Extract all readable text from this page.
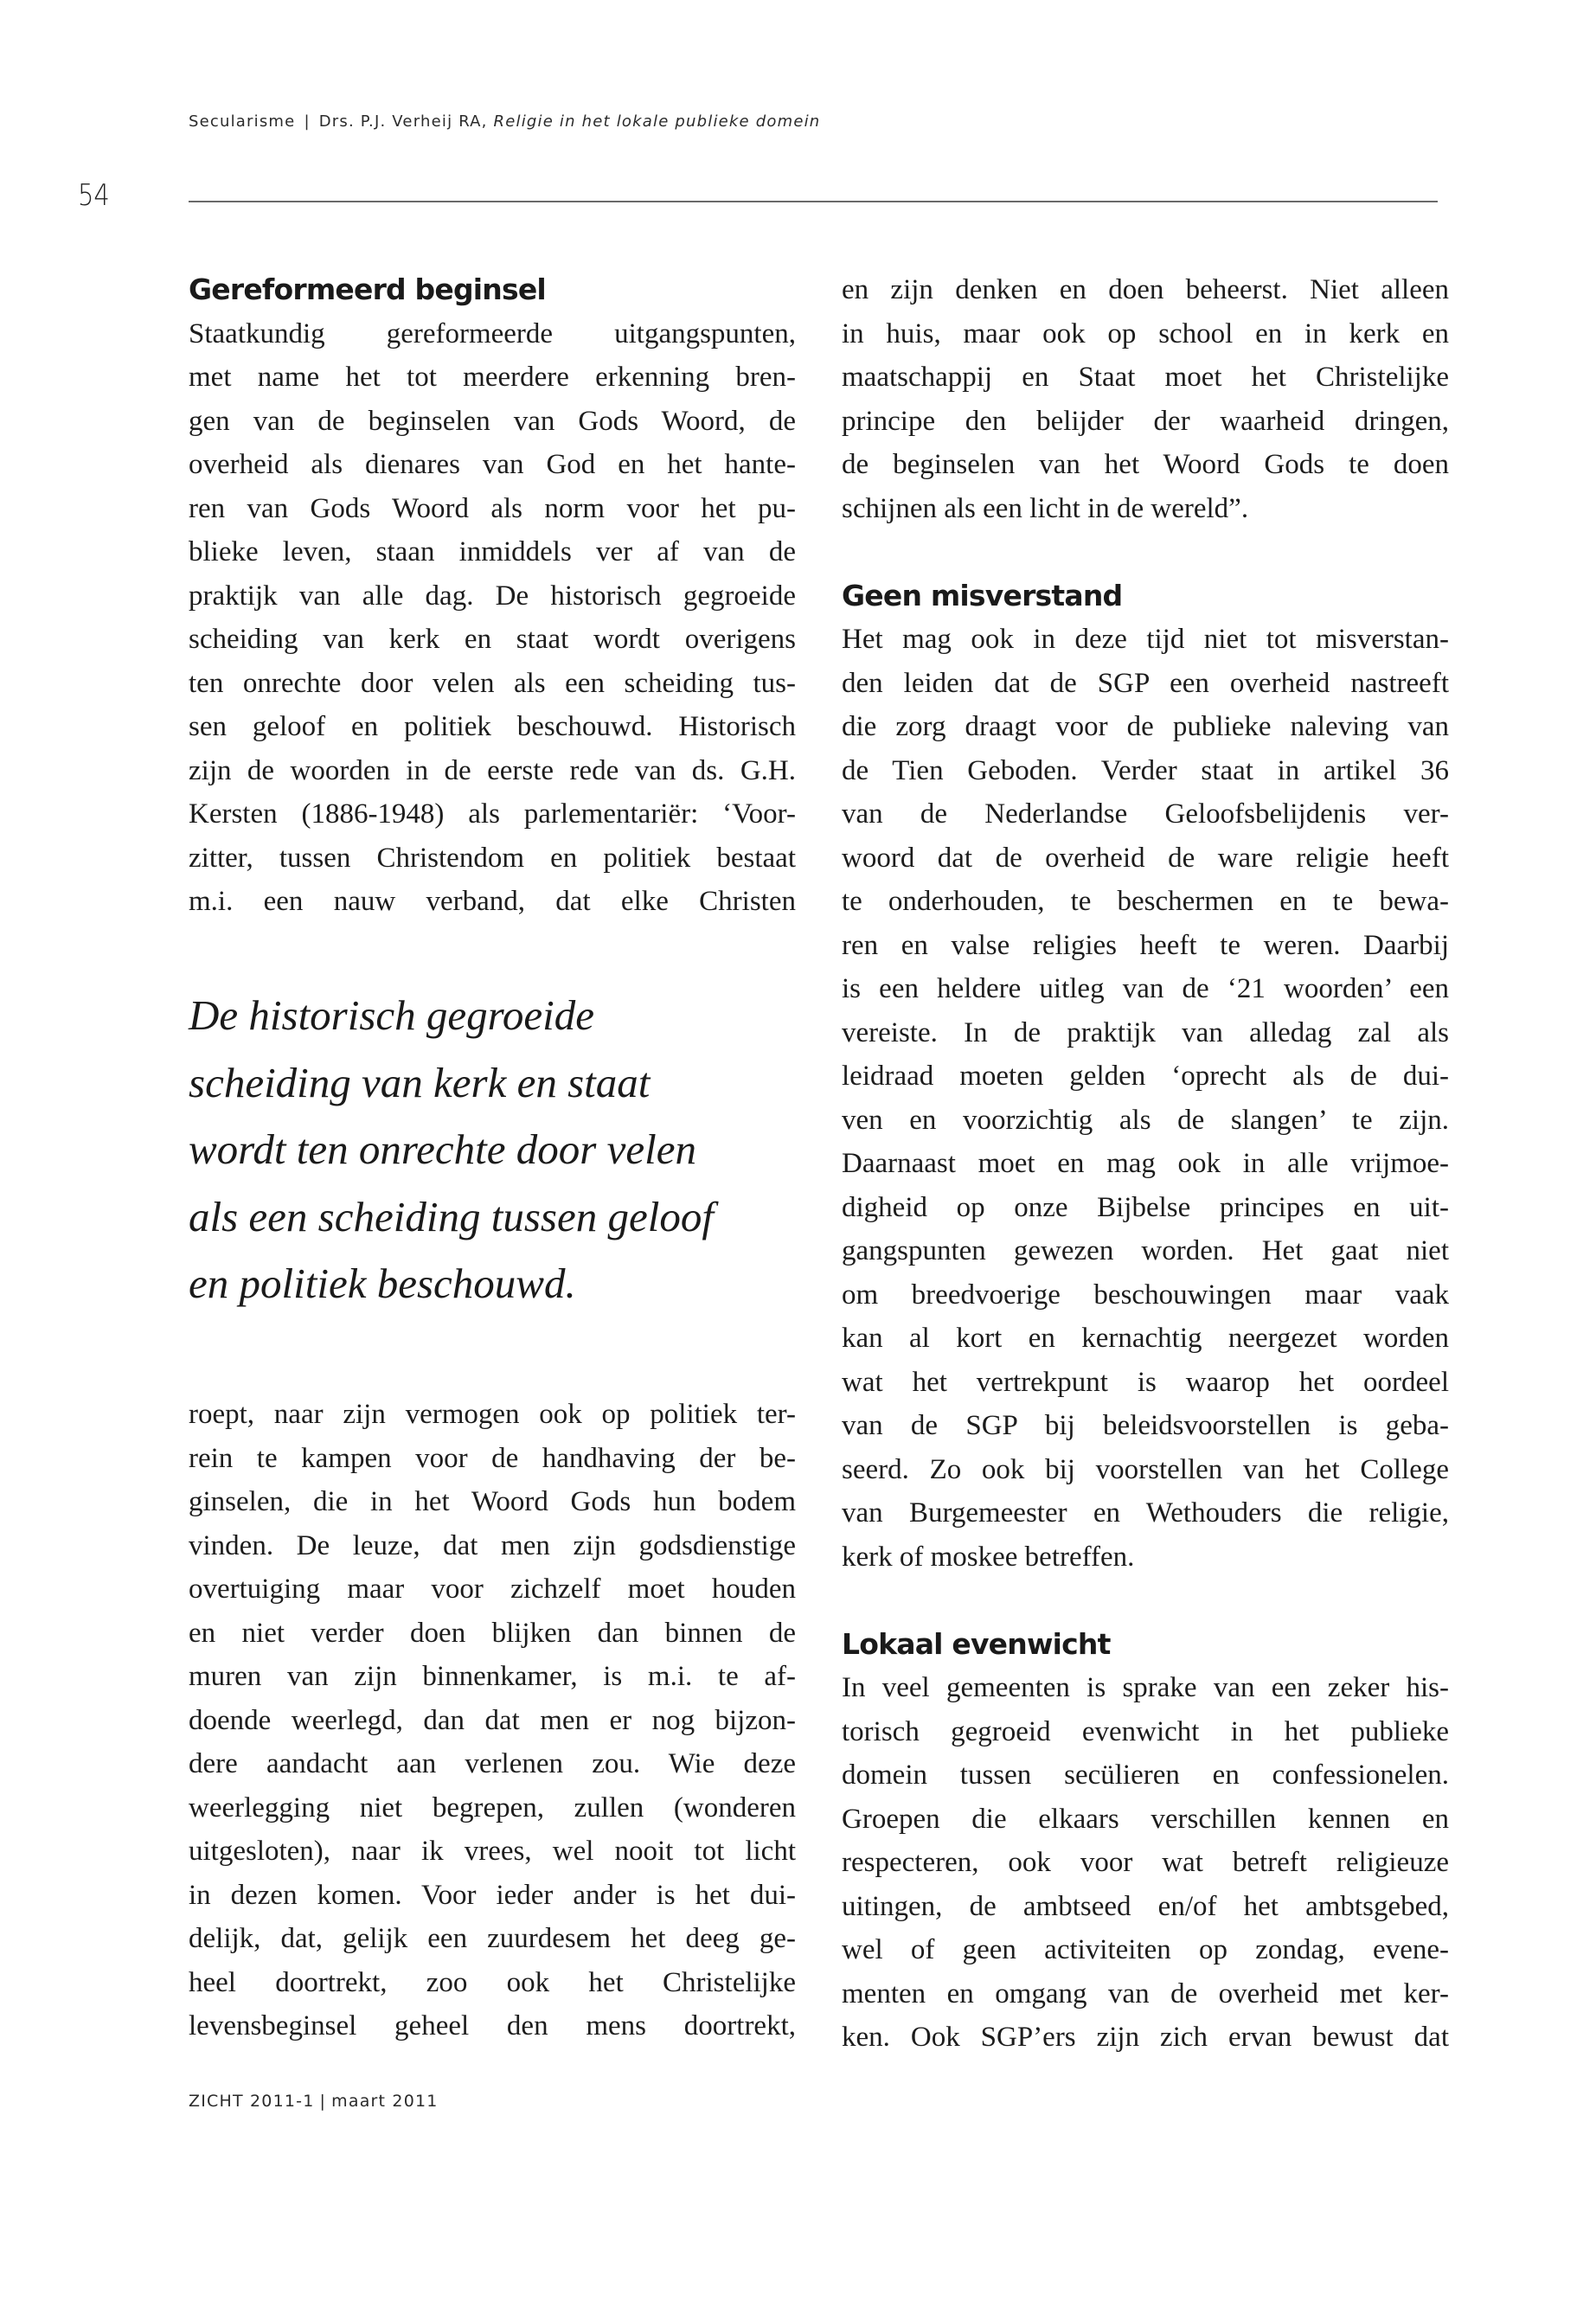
Secularisme | Drs. P.J. Verheij RA, Religie in het lokale publieke domein
54
Gereformeerd beginsel
Staatkundig gereformeerde uitgangspunten,
met name het tot meerdere erkenning bren-
gen van de beginselen van Gods Woord, de
overheid als dienares van God en het hante-
ren van Gods Woord als norm voor het pu-
blieke leven, staan inmiddels ver af van de
praktijk van alle dag. De historisch gegroeide
scheiding van kerk en staat wordt overigens
ten onrechte door velen als een scheiding tus-
sen geloof en politiek beschouwd. Historisch
zijn de woorden in de eerste rede van ds. G.H.
Kersten (1886-1948) als parlementariër: ‘Voor-
zitter, tussen Christendom en politiek bestaat
m.i. een nauw verband, dat elke Christen
De historisch gegroeide
scheiding van kerk en staat
wordt ten onrechte door velen
als een scheiding tussen geloof
en politiek beschouwd.
roept, naar zijn vermogen ook op politiek ter-
rein te kampen voor de handhaving der be-
ginselen, die in het Woord Gods hun bodem
vinden. De leuze, dat men zijn godsdienstige
overtuiging maar voor zichzelf moet houden
en niet verder doen blijken dan binnen de
muren van zijn binnenkamer, is m.i. te af-
doende weerlegd, dan dat men er nog bijzon-
dere aandacht aan verlenen zou. Wie deze
weerlegging niet begrepen, zullen (wonderen
uitgesloten), naar ik vrees, wel nooit tot licht
in dezen komen. Voor ieder ander is het dui-
delijk, dat, gelijk een zuurdesem het deeg ge-
heel doortrekt, zoo ook het Christelijke
levensbeginsel geheel den mens doortrekt,
en zijn denken en doen beheerst. Niet alleen
in huis, maar ook op school en in kerk en
maatschappij en Staat moet het Christelijke
principe den belijder der waarheid dringen,
de beginselen van het Woord Gods te doen
schijnen als een licht in de wereld”.
Geen misverstand
Het mag ook in deze tijd niet tot misverstan-
den leiden dat de SGP een overheid nastreeft
die zorg draagt voor de publieke naleving van
de Tien Geboden. Verder staat in artikel 36
van de Nederlandse Geloofsbelijdenis ver-
woord dat de overheid de ware religie heeft
te onderhouden, te beschermen en te bewa-
ren en valse religies heeft te weren. Daarbij
is een heldere uitleg van de ‘21 woorden’ een
vereiste. In de praktijk van alledag zal als
leidraad moeten gelden ‘oprecht als de dui-
ven en voorzichtig als de slangen’ te zijn.
Daarnaast moet en mag ook in alle vrijmoe-
digheid op onze Bijbelse principes en uit-
gangspunten gewezen worden. Het gaat niet
om breedvoerige beschouwingen maar vaak
kan al kort en kernachtig neergezet worden
wat het vertrekpunt is waarop het oordeel
van de SGP bij beleidsvoorstellen is geba-
seerd. Zo ook bij voorstellen van het College
van Burgemeester en Wethouders die religie,
kerk of moskee betreffen.
Lokaal evenwicht
In veel gemeenten is sprake van een zeker his-
torisch gegroeid evenwicht in het publieke
domein tussen secülieren en confessionelen.
Groepen die elkaars verschillen kennen en
respecteren, ook voor wat betreft religieuze
uitingen, de ambtseed en/of het ambtsgebed,
wel of geen activiteiten op zondag, evene-
menten en omgang van de overheid met ker-
ken. Ook SGP’ers zijn zich ervan bewust dat
ZICHT 2011-1 | maart 2011
